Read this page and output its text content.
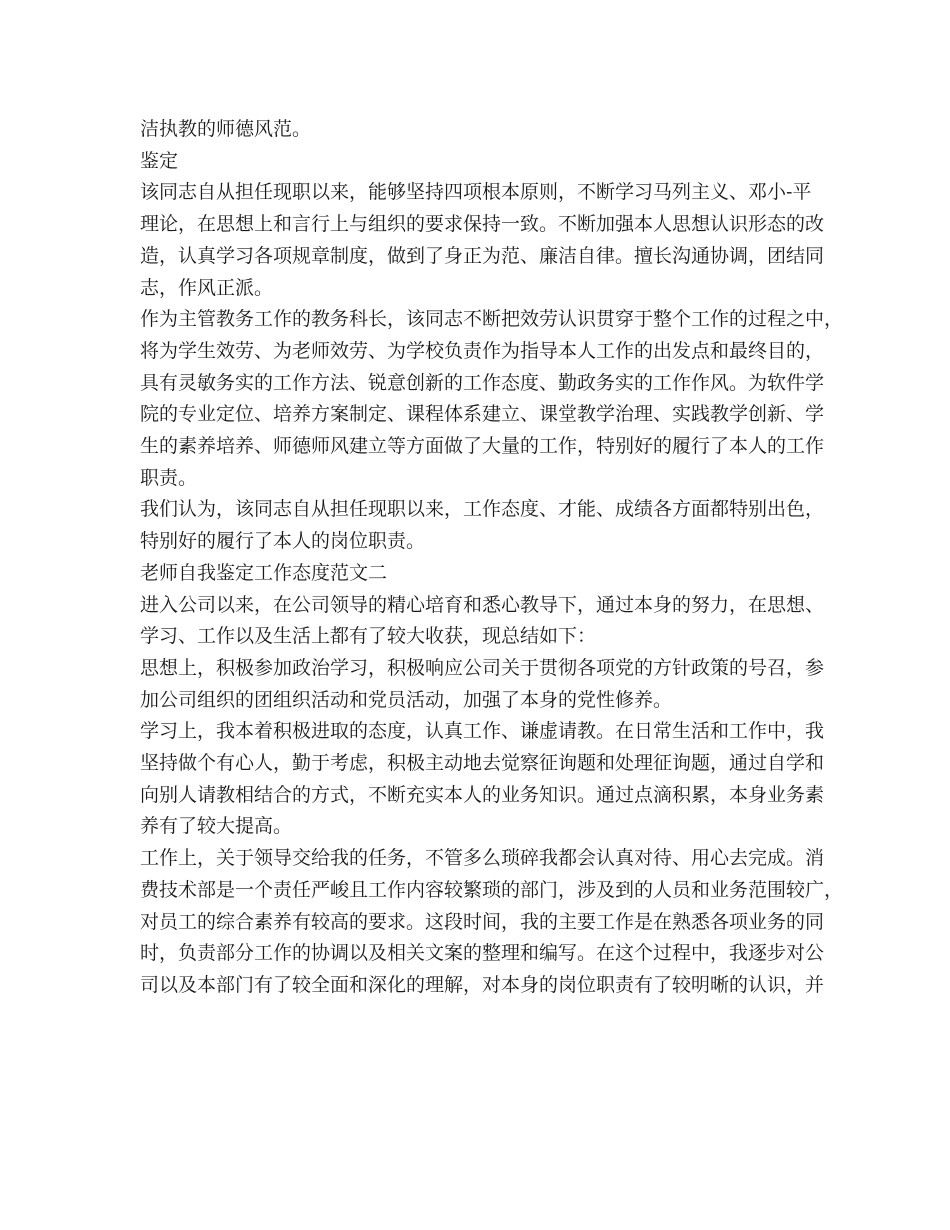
洁执教的师德风范。

鉴定

该同志自从担任现职以来，能够坚持四项根本原则，不断学习马列主义、邓小-平

理论，在思想上和言行上与组织的要求保持一致。不断加强本人思想认识形态的改

造，认真学习各项规章制度，做到了身正为范、廉洁自律。擅长沟通协调，团结同

志，作风正派。

作为主管教务工作的教务科长，该同志不断把效劳认识贯穿于整个工作的过程之中，

将为学生效劳、为老师效劳、为学校负责作为指导本人工作的出发点和最终目的，

具有灵敏务实的工作方法、锐意创新的工作态度、勤政务实的工作作风。为软件学

院的专业定位、培养方案制定、课程体系建立、课堂教学治理、实践教学创新、学

生的素养培养、师德师风建立等方面做了大量的工作，特别好的履行了本人的工作

职责。

我们认为，该同志自从担任现职以来，工作态度、才能、成绩各方面都特别出色，

特别好的履行了本人的岗位职责。

老师自我鉴定工作态度范文二

进入公司以来，在公司领导的精心培育和悉心教导下，通过本身的努力，在思想、

学习、工作以及生活上都有了较大收获，现总结如下：

思想上，积极参加政治学习，积极响应公司关于贯彻各项党的方针政策的号召，参

加公司组织的团组织活动和党员活动，加强了本身的党性修养。

学习上，我本着积极进取的态度，认真工作、谦虚请教。在日常生活和工作中，我

坚持做个有心人，勤于考虑，积极主动地去觉察征询题和处理征询题，通过自学和

向别人请教相结合的方式，不断充实本人的业务知识。通过点滴积累，本身业务素

养有了较大提高。

工作上，关于领导交给我的任务，不管多么琐碎我都会认真对待、用心去完成。消

费技术部是一个责任严峻且工作内容较繁琐的部门，涉及到的人员和业务范围较广，

对员工的综合素养有较高的要求。这段时间，我的主要工作是在熟悉各项业务的同

时，负责部分工作的协调以及相关文案的整理和编写。在这个过程中，我逐步对公

司以及本部门有了较全面和深化的理解，对本身的岗位职责有了较明晰的认识，并
